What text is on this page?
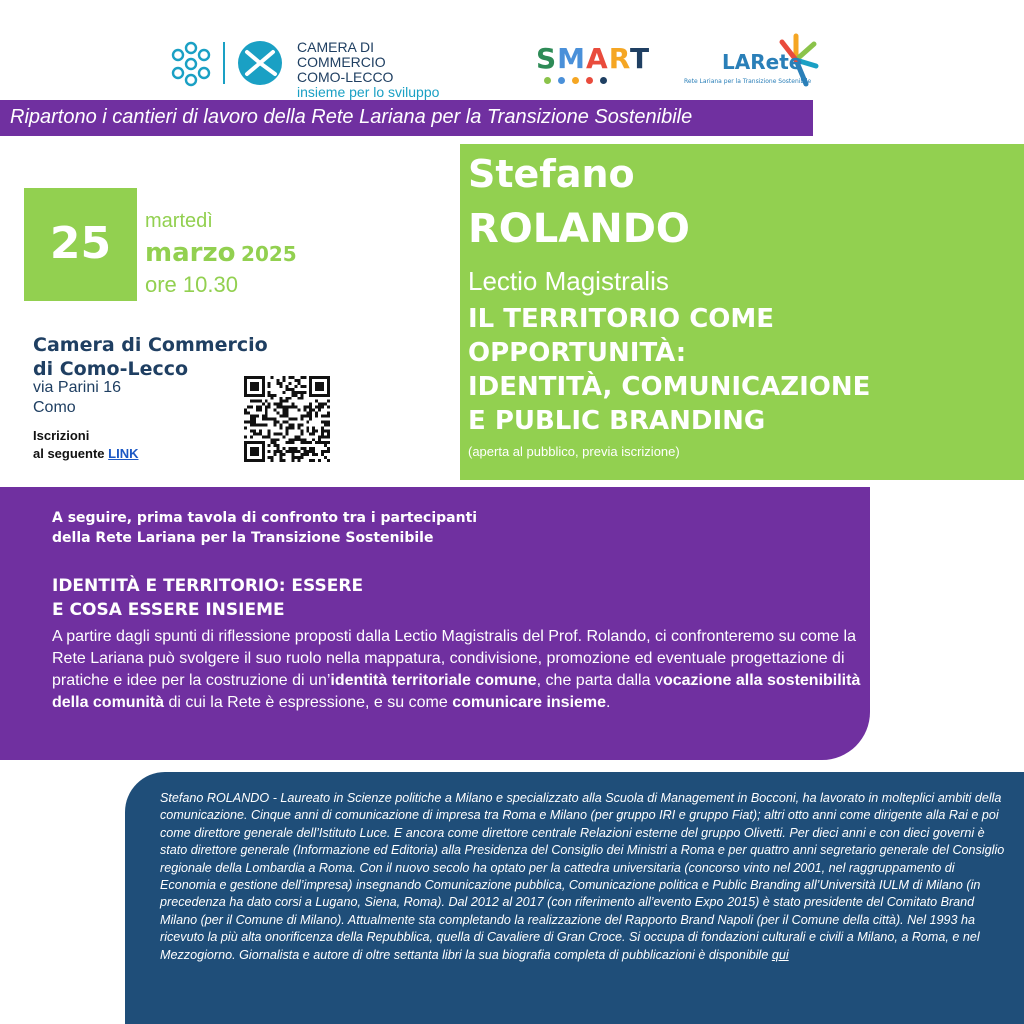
CAMERA DI COMMERCIO
COMO-LECCO
insieme per lo sviluppo
SMART	LARete
Rete Lariana per la Transizione Sostenibile
Ripartono i cantieri di lavoro della Rete Lariana per la Transizione Sostenibile
25	martedì
marzo 2025
ore 10.30
Camera di Commercio
di Como-Lecco
via Parini 16
Como
Iscrizioni
al seguente LINK
Stefano
ROLANDO
Lectio Magistralis
IL TERRITORIO COME
OPPORTUNITÀ:
IDENTITÀ, COMUNICAZIONE
E PUBLIC BRANDING
(aperta al pubblico, previa iscrizione)
A seguire, prima tavola di confronto tra i partecipanti
della Rete Lariana per la Transizione Sostenibile
IDENTITÀ E TERRITORIO: ESSERE
E COSA ESSERE INSIEME
A partire dagli spunti di riflessione proposti dalla Lectio Magistralis del Prof. Rolando, ci confronteremo su come la Rete Lariana può svolgere il suo ruolo nella mappatura, condivisione, promozione ed eventuale progettazione di pratiche e idee per la costruzione di un’identità territoriale comune, che parta dalla vocazione alla sostenibilità della comunità di cui la Rete è espressione, e su come comunicare insieme.
Stefano ROLANDO - Laureato in Scienze politiche a Milano e specializzato alla Scuola di Management in Bocconi, ha lavorato in molteplici ambiti della comunicazione. Cinque anni di comunicazione di impresa tra Roma e Milano (per gruppo IRI e gruppo Fiat); altri otto anni come dirigente alla Rai e poi come direttore generale dell’Istituto Luce. E ancora come direttore centrale Relazioni esterne del gruppo Olivetti. Per dieci anni e con dieci governi è stato direttore generale (Informazione ed Editoria) alla Presidenza del Consiglio dei Ministri a Roma e per quattro anni segretario generale del Consiglio regionale della Lombardia a Roma. Con il nuovo secolo ha optato per la cattedra universitaria (concorso vinto nel 2001, nel raggruppamento di Economia e gestione dell’impresa) insegnando Comunicazione pubblica, Comunicazione politica e Public Branding all’Università IULM di Milano (in precedenza ha dato corsi a Lugano, Siena, Roma). Dal 2012 al 2017 (con riferimento all’evento Expo 2015) è stato presidente del Comitato Brand Milano (per il Comune di Milano). Attualmente sta completando la realizzazione del Rapporto Brand Napoli (per il Comune della città). Nel 1993 ha ricevuto la più alta onorificenza della Repubblica, quella di Cavaliere di Gran Croce. Si occupa di fondazioni culturali e civili a Milano, a Roma, e nel Mezzogiorno. Giornalista e autore di oltre settanta libri la sua biografia completa di pubblicazioni è disponibile qui
